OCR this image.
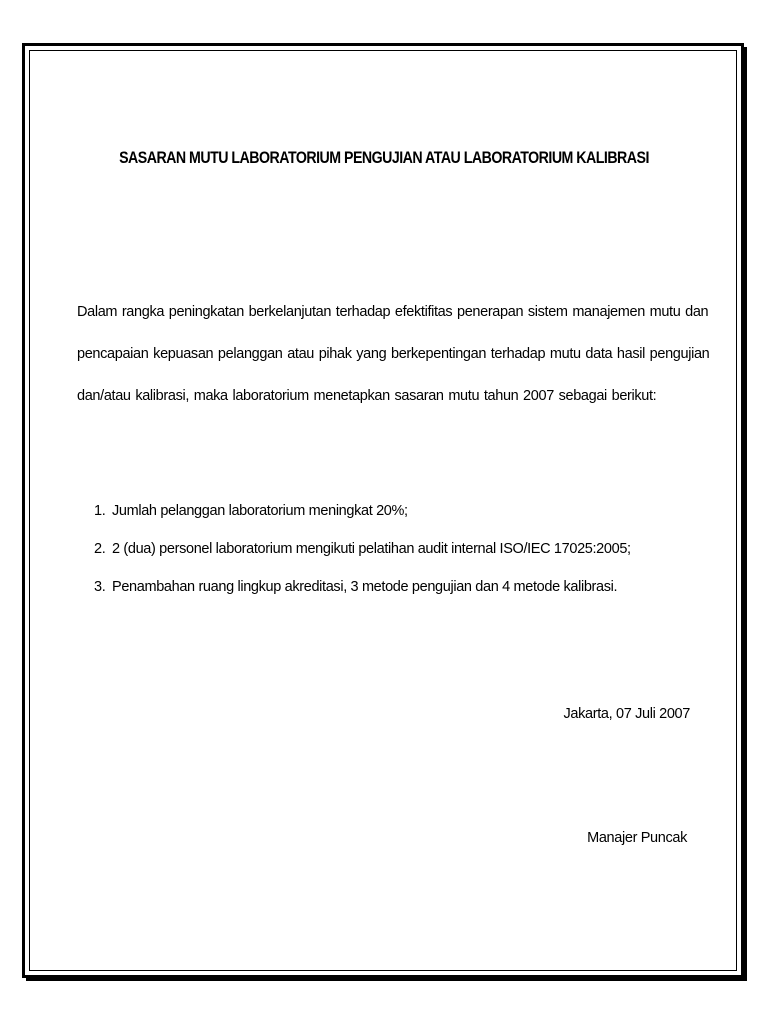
SASARAN MUTU LABORATORIUM PENGUJIAN ATAU LABORATORIUM KALIBRASI
Dalam rangka peningkatan berkelanjutan terhadap efektifitas penerapan sistem manajemen mutu dan
pencapaian kepuasan pelanggan atau pihak yang berkepentingan terhadap mutu data hasil pengujian
dan/atau kalibrasi, maka laboratorium menetapkan sasaran mutu tahun 2007 sebagai berikut:
1. Jumlah pelanggan laboratorium meningkat 20%;
2. 2 (dua) personel laboratorium mengikuti pelatihan audit internal ISO/IEC 17025:2005;
3. Penambahan ruang lingkup akreditasi, 3 metode pengujian dan 4 metode kalibrasi.
Jakarta, 07 Juli 2007
Manajer Puncak
